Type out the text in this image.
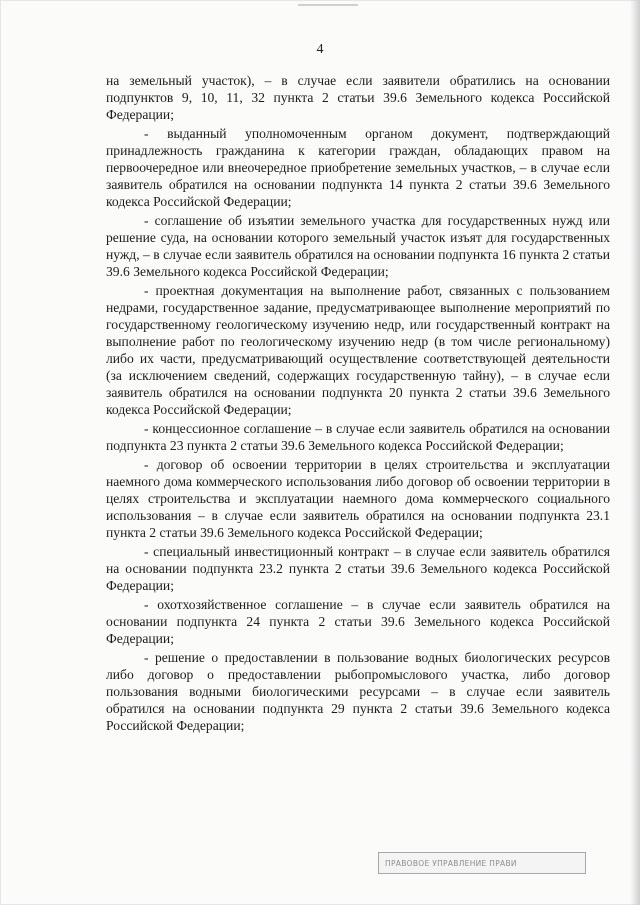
4

на земельный участок), – в случае если заявители обратились на основании подпунктов 9, 10, 11, 32 пункта 2 статьи 39.6 Земельного кодекса Российской Федерации;

- выданный уполномоченным органом документ, подтверждающий принадлежность гражданина к категории граждан, обладающих правом на первоочередное или внеочередное приобретение земельных участков, – в случае если заявитель обратился на основании подпункта 14 пункта 2 статьи 39.6 Земельного кодекса Российской Федерации;

- соглашение об изъятии земельного участка для государственных нужд или решение суда, на основании которого земельный участок изъят для государственных нужд, – в случае если заявитель обратился на основании подпункта 16 пункта 2 статьи 39.6 Земельного кодекса Российской Федерации;

- проектная документация на выполнение работ, связанных с пользованием недрами, государственное задание, предусматривающее выполнение мероприятий по государственному геологическому изучению недр, или государственный контракт на выполнение работ по геологическому изучению недр (в том числе региональному) либо их части, предусматривающий осуществление соответствующей деятельности (за исключением сведений, содержащих государственную тайну), – в случае если заявитель обратился на основании подпункта 20 пункта 2 статьи 39.6 Земельного кодекса Российской Федерации;

- концессионное соглашение – в случае если заявитель обратился на основании подпункта 23 пункта 2 статьи 39.6 Земельного кодекса Российской Федерации;

- договор об освоении территории в целях строительства и эксплуатации наемного дома коммерческого использования либо договор об освоении территории в целях строительства и эксплуатации наемного дома коммерческого социального использования – в случае если заявитель обратился на основании подпункта 23.1 пункта 2 статьи 39.6 Земельного кодекса Российской Федерации;

- специальный инвестиционный контракт – в случае если заявитель обратился на основании подпункта 23.2 пункта 2 статьи 39.6 Земельного кодекса Российской Федерации;

- охотхозяйственное соглашение – в случае если заявитель обратился на основании подпункта 24 пункта 2 статьи 39.6 Земельного кодекса Российской Федерации;

- решение о предоставлении в пользование водных биологических ресурсов либо договор о предоставлении рыбопромыслового участка, либо договор пользования водными биологическими ресурсами – в случае если заявитель обратился на основании подпункта 29 пункта 2 статьи 39.6 Земельного кодекса Российской Федерации;

ПРАВОВОЕ УПРАВЛЕНИЕ ПРАВИ
